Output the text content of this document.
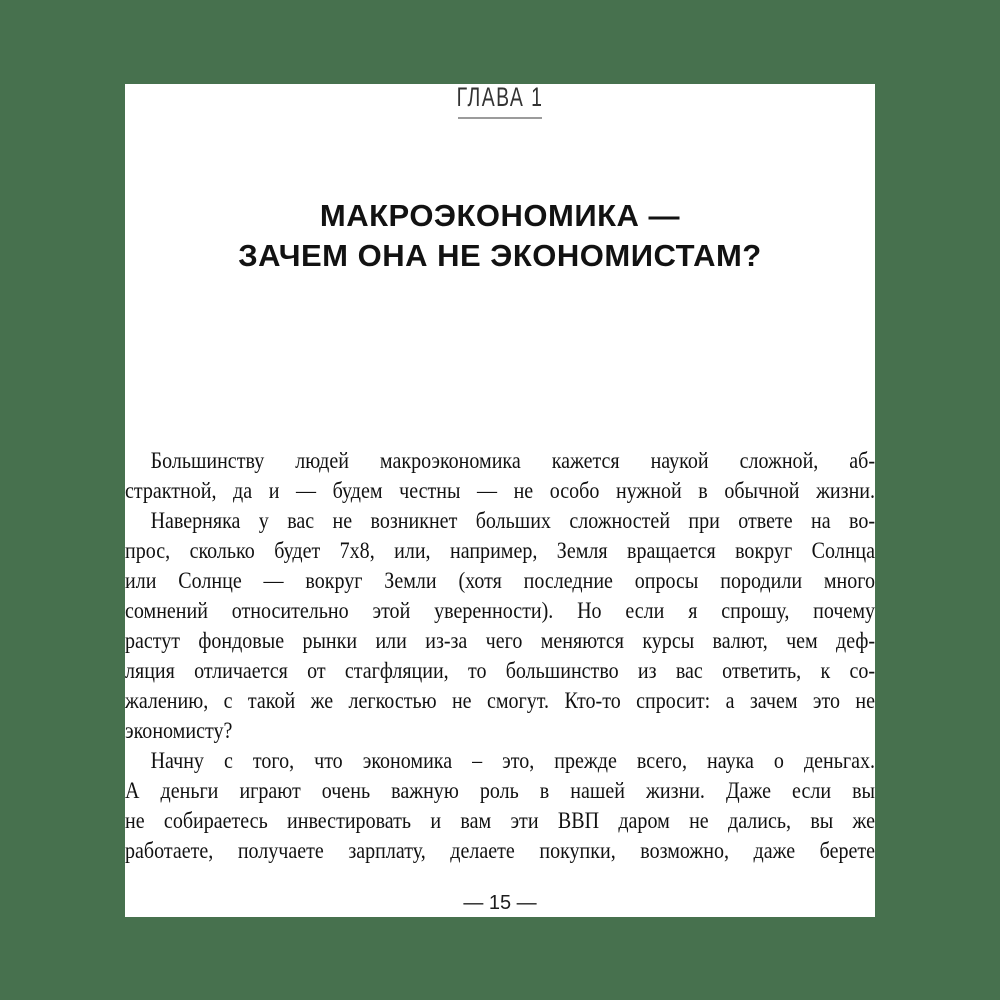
ГЛАВА 1
МАКРОЭКОНОМИКА —
ЗАЧЕМ ОНА НЕ ЭКОНОМИСТАМ?
Большинству людей макроэкономика кажется наукой сложной, аб-
страктной, да и — будем честны — не особо нужной в обычной жизни.
Наверняка у вас не возникнет больших сложностей при ответе на во-
прос, сколько будет 7х8, или, например, Земля вращается вокруг Солнца
или Солнце — вокруг Земли (хотя последние опросы породили много
сомнений относительно этой уверенности). Но если я спрошу, почему
растут фондовые рынки или из-за чего меняются курсы валют, чем деф-
ляция отличается от стагфляции, то большинство из вас ответить, к со-
жалению, с такой же легкостью не смогут. Кто-то спросит: а зачем это не
экономисту?
Начну с того, что экономика – это, прежде всего, наука о деньгах.
А деньги играют очень важную роль в нашей жизни. Даже если вы
не собираетесь инвестировать и вам эти ВВП даром не дались, вы же
работаете, получаете зарплату, делаете покупки, возможно, даже берете
— 15 —
